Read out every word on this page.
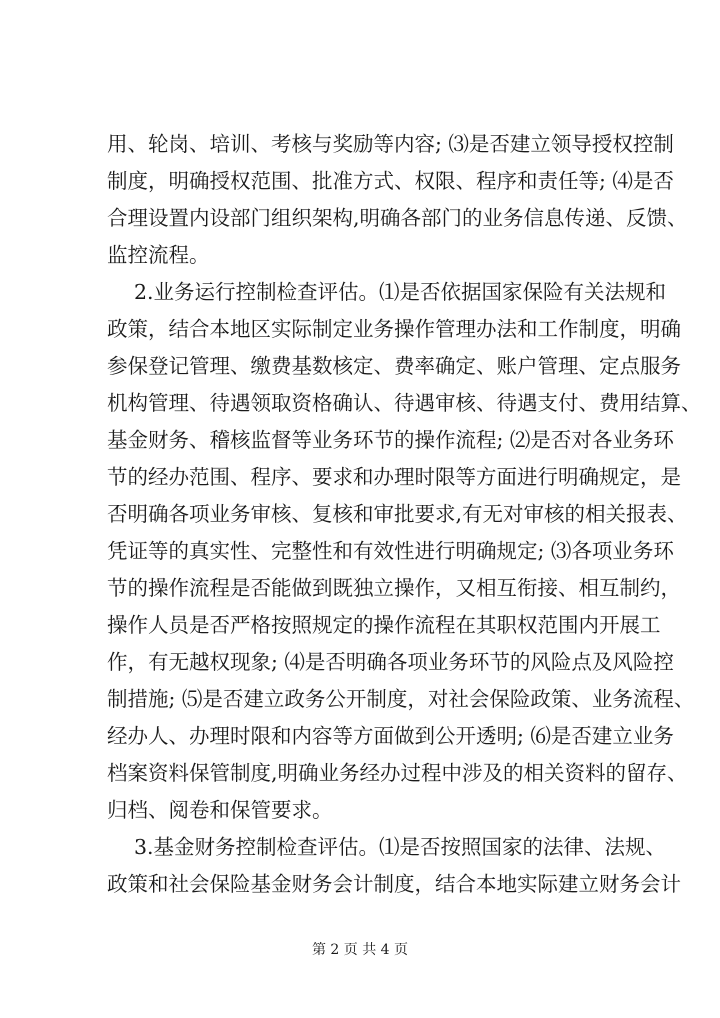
用、轮岗、培训、考核与奖励等内容; ⑶是否建立领导授权控制
制度，明确授权范围、批准方式、权限、程序和责任等; ⑷是否
合理设置内设部门组织架构,明确各部门的业务信息传递、反馈、
监控流程。
2.业务运行控制检查评估。⑴是否依据国家保险有关法规和
政策，结合本地区实际制定业务操作管理办法和工作制度，明确
参保登记管理、缴费基数核定、费率确定、账户管理、定点服务
机构管理、待遇领取资格确认、待遇审核、待遇支付、费用结算、
基金财务、稽核监督等业务环节的操作流程; ⑵是否对各业务环
节的经办范围、程序、要求和办理时限等方面进行明确规定，是
否明确各项业务审核、复核和审批要求,有无对审核的相关报表、
凭证等的真实性、完整性和有效性进行明确规定; ⑶各项业务环
节的操作流程是否能做到既独立操作，又相互衔接、相互制约，
操作人员是否严格按照规定的操作流程在其职权范围内开展工
作，有无越权现象; ⑷是否明确各项业务环节的风险点及风险控
制措施; ⑸是否建立政务公开制度，对社会保险政策、业务流程、
经办人、办理时限和内容等方面做到公开透明; ⑹是否建立业务
档案资料保管制度,明确业务经办过程中涉及的相关资料的留存、
归档、阅卷和保管要求。
3.基金财务控制检查评估。⑴是否按照国家的法律、法规、
第 2 页 共 4 页
政策和社会保险基金财务会计制度，结合本地实际建立财务会计
